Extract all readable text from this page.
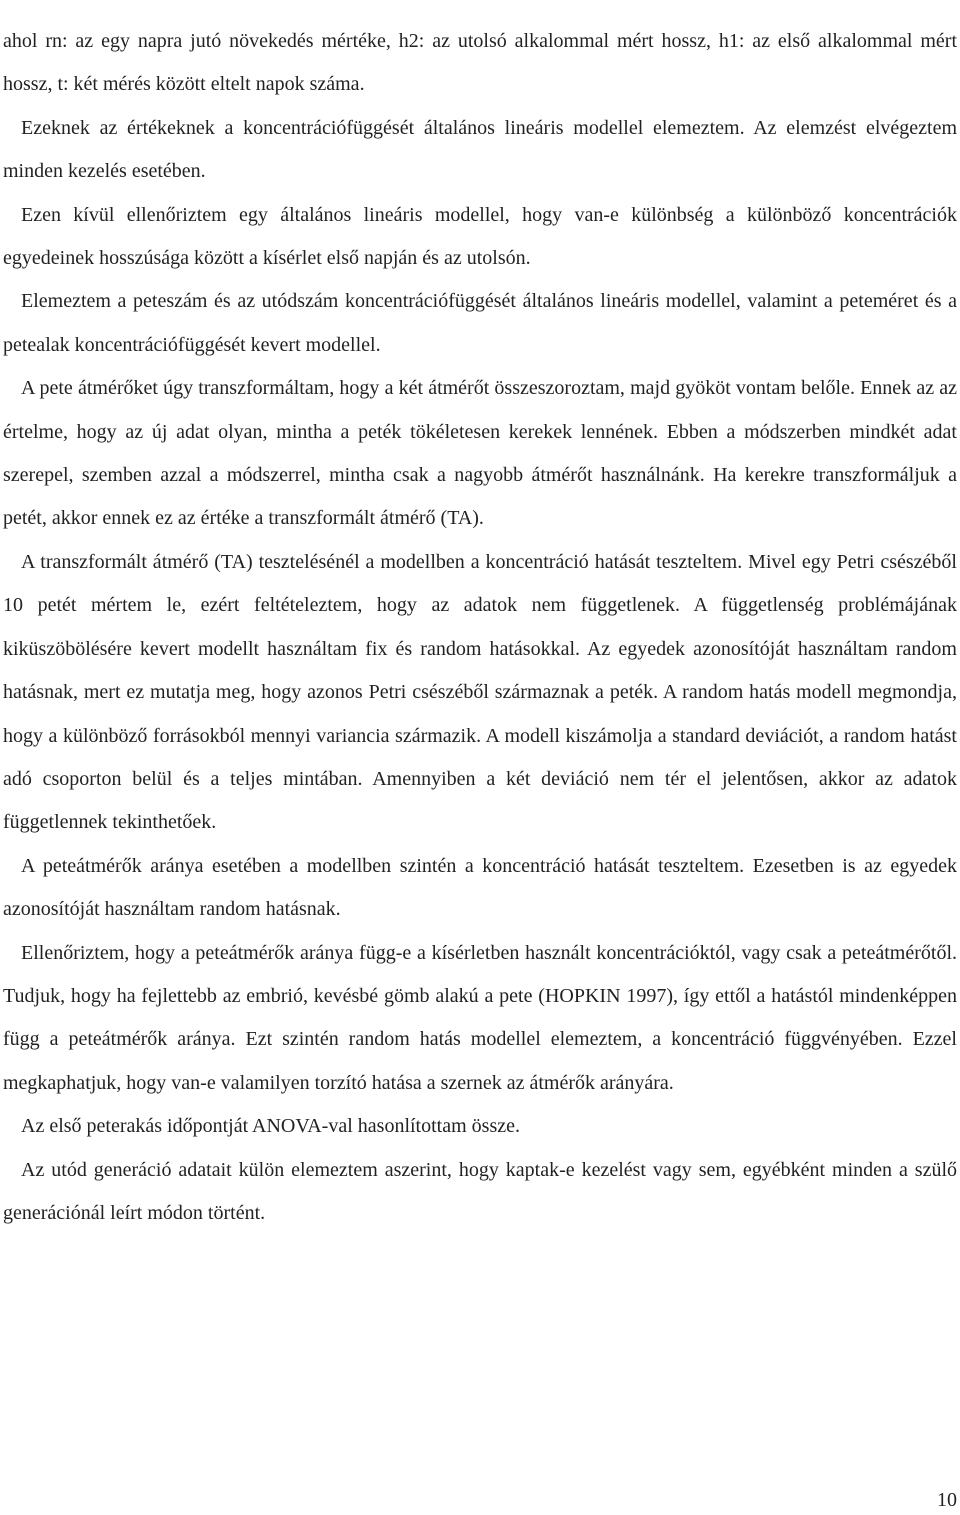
ahol rn: az egy napra jutó növekedés mértéke, h2: az utolsó alkalommal mért hossz, h1: az első alkalommal mért hossz, t: két mérés között eltelt napok száma.

Ezeknek az értékeknek a koncentrációfüggését általános lineáris modellel elemeztem. Az elemzést elvégeztem minden kezelés esetében.

Ezen kívül ellenőriztem egy általános lineáris modellel, hogy van-e különbség a különböző koncentrációk egyedeinek hosszúsága között a kísérlet első napján és az utolsón.

Elemeztem a peteszám és az utódszám koncentrációfüggését általános lineáris modellel, valamint a peteméret és a petealak koncentrációfüggését kevert modellel.

A pete átmérőket úgy transzformáltam, hogy a két átmérőt összeszoroztam, majd gyököt vontam belőle. Ennek az az értelme, hogy az új adat olyan, mintha a peték tökéletesen kerekek lennének. Ebben a módszerben mindkét adat szerepel, szemben azzal a módszerrel, mintha csak a nagyobb átmérőt használnánk. Ha kerekre transzformáljuk a petét, akkor ennek ez az értéke a transzformált átmérő (TA).

A transzformált átmérő (TA) tesztelésénél a modellben a koncentráció hatását teszteltem. Mivel egy Petri csészéből 10 petét mértem le, ezért feltételeztem, hogy az adatok nem függetlenek. A függetlenség problémájának kiküszöbölésére kevert modellt használtam fix és random hatásokkal. Az egyedek azonosítóját használtam random hatásnak, mert ez mutatja meg, hogy azonos Petri csészéből származnak a peték. A random hatás modell megmondja, hogy a különböző forrásokból mennyi variancia származik. A modell kiszámolja a standard deviációt, a random hatást adó csoporton belül és a teljes mintában. Amennyiben a két deviáció nem tér el jelentősen, akkor az adatok függetlennek tekinthetőek.

A peteátmérők aránya esetében a modellben szintén a koncentráció hatását teszteltem. Ezesetben is az egyedek azonosítóját használtam random hatásnak.

Ellenőriztem, hogy a peteátmérők aránya függ-e a kísérletben használt koncentrációktól, vagy csak a peteátmérőtől. Tudjuk, hogy ha fejlettebb az embrió, kevésbé gömb alakú a pete (HOPKIN 1997), így ettől a hatástól mindenképpen függ a peteátmérők aránya. Ezt szintén random hatás modellel elemeztem, a koncentráció függvényében. Ezzel megkaphatjuk, hogy van-e valamilyen torzító hatása a szernek az átmérők arányára.

Az első peterakás időpontját ANOVA-val hasonlítottam össze.

Az utód generáció adatait külön elemeztem aszerint, hogy kaptak-e kezelést vagy sem, egyébként minden a szülő generációnál leírt módon történt.

10
